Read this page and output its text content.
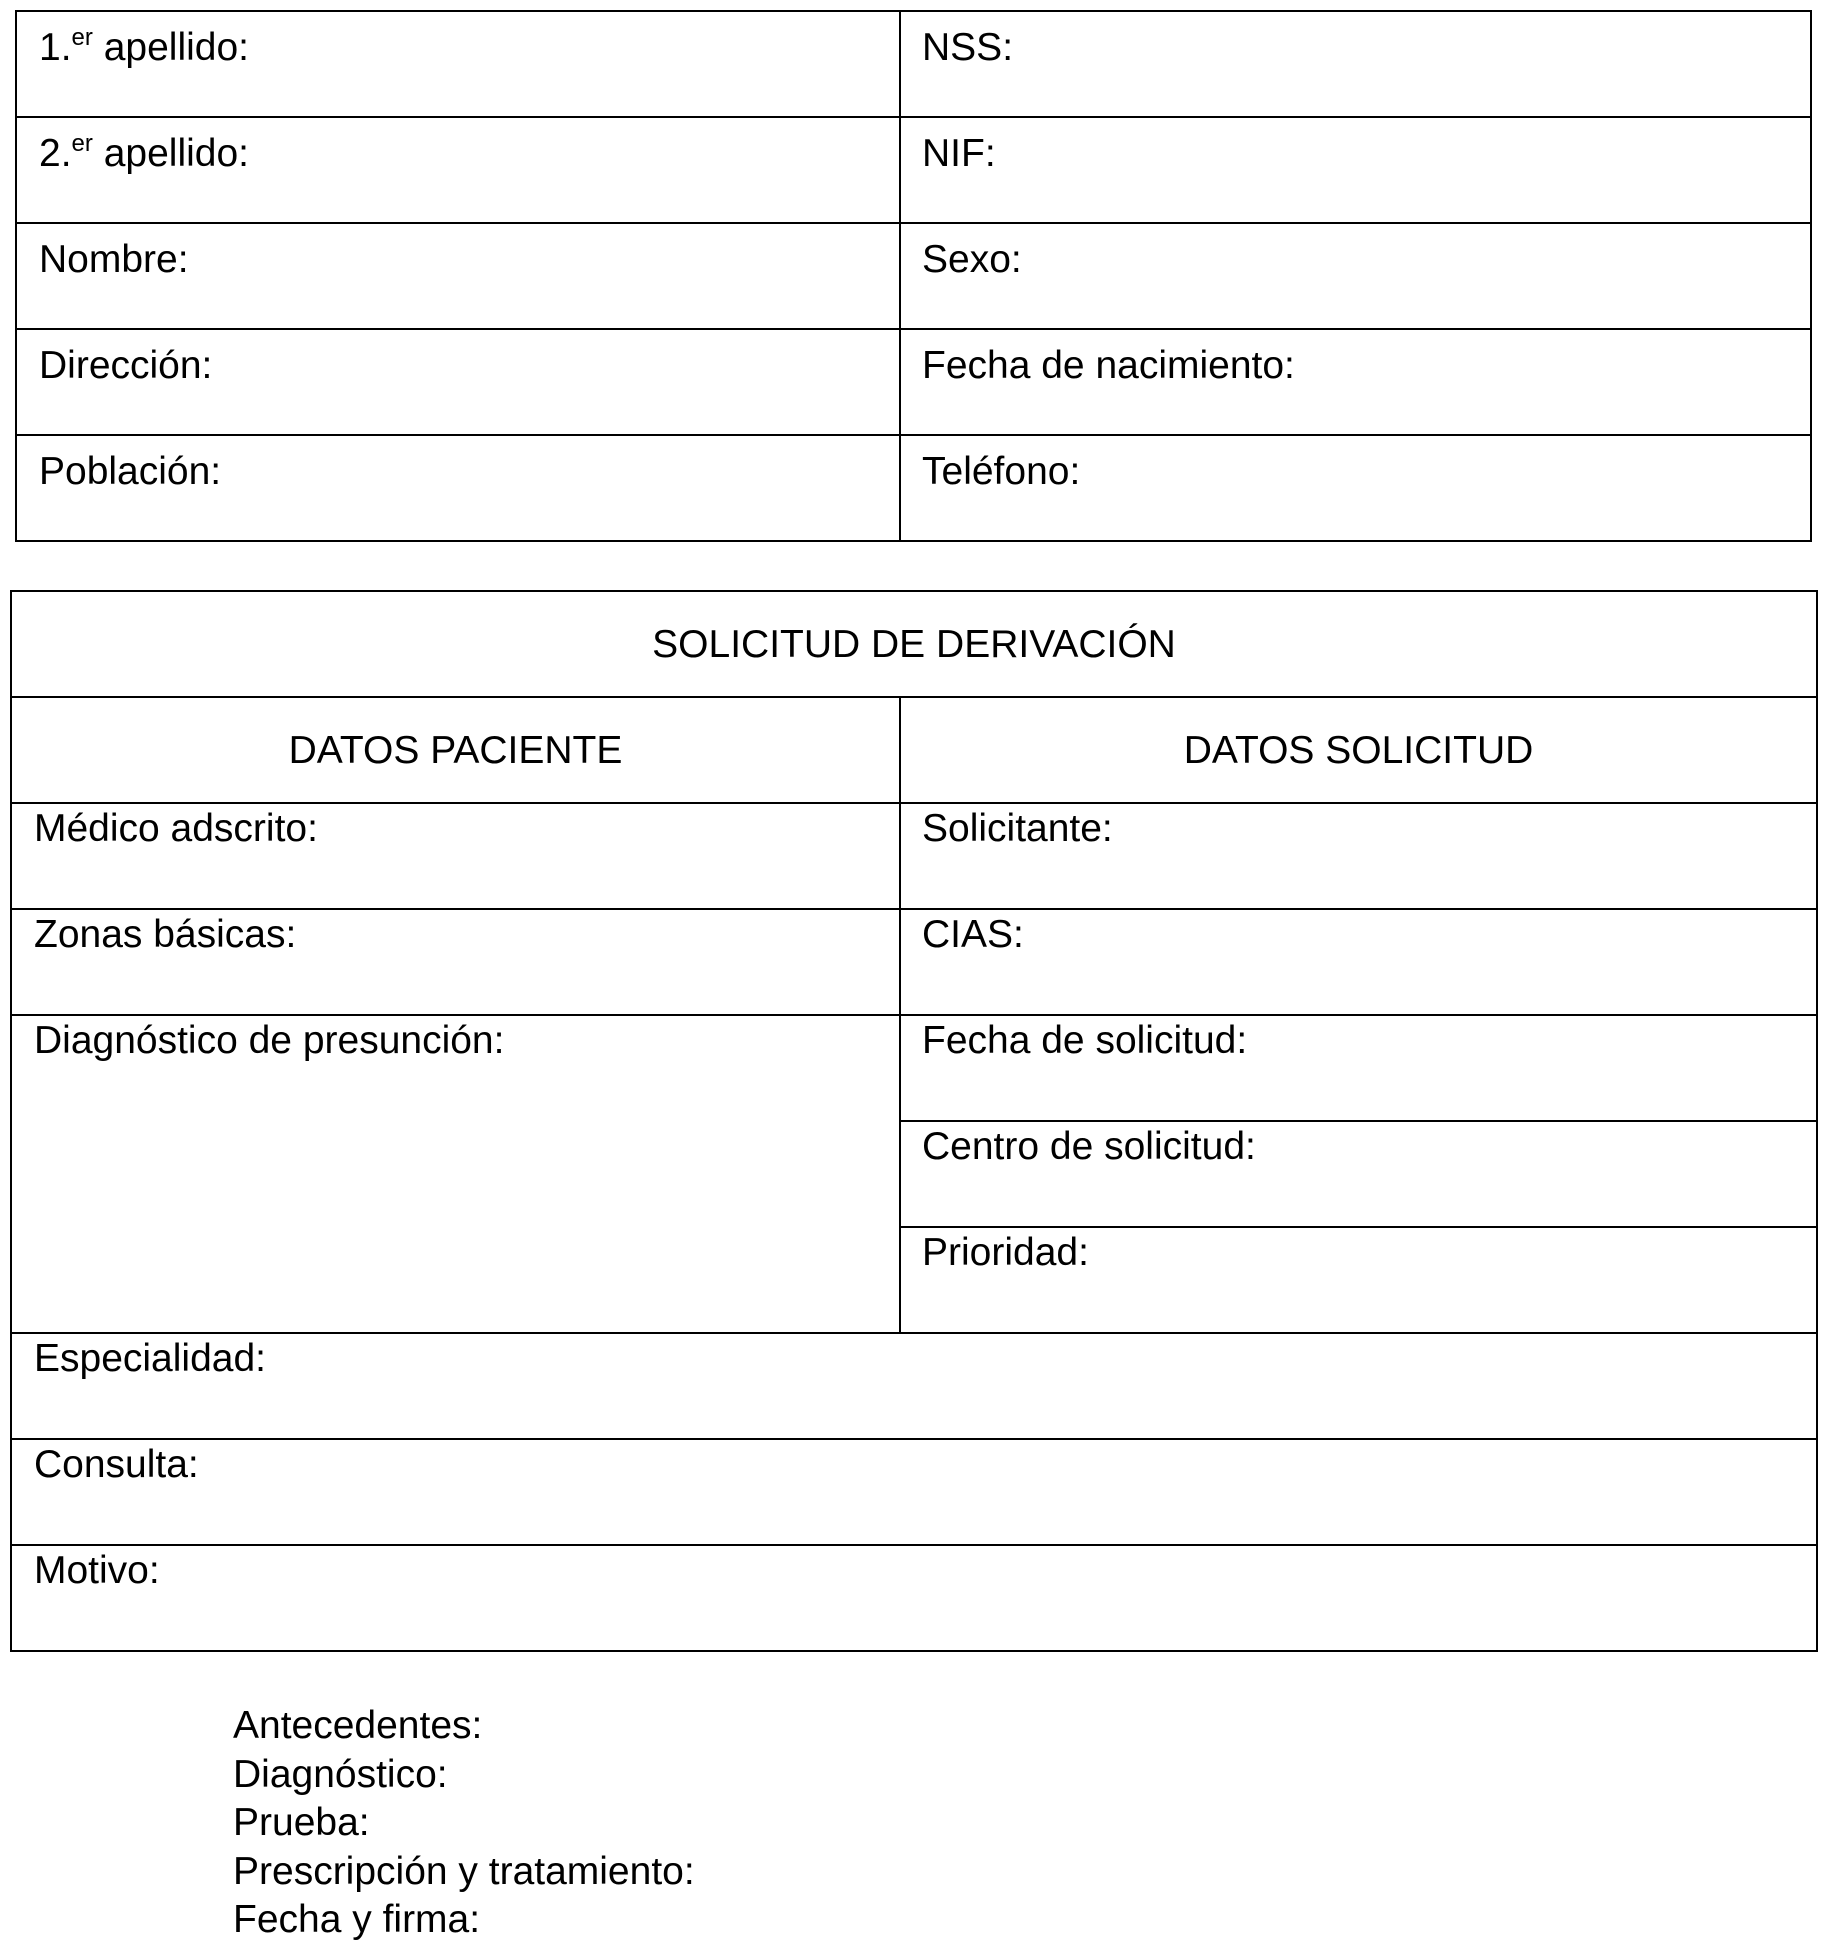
1.$^{er}$ apellido:	NSS:

2.$^{er}$ apellido:	NIF:

Nombre:	Sexo:

Dirección:	Fecha de nacimiento:

Población:	Teléfono:
SOLICITUD DE DERIVACIÓN	

DATOS PACIENTE	DATOS SOLICITUD

Médico adscrito:	Solicitante:

Zonas básicas:	CIAS:

Diagnóstico de presunción:	Fecha de solicitud:

	Centro de solicitud:

	Prioridad:

Especialidad:	

Consulta:	

Motivo:	
Antecedentes:
Diagnóstico:
Prueba:
Prescripción y tratamiento:
Fecha y firma:
